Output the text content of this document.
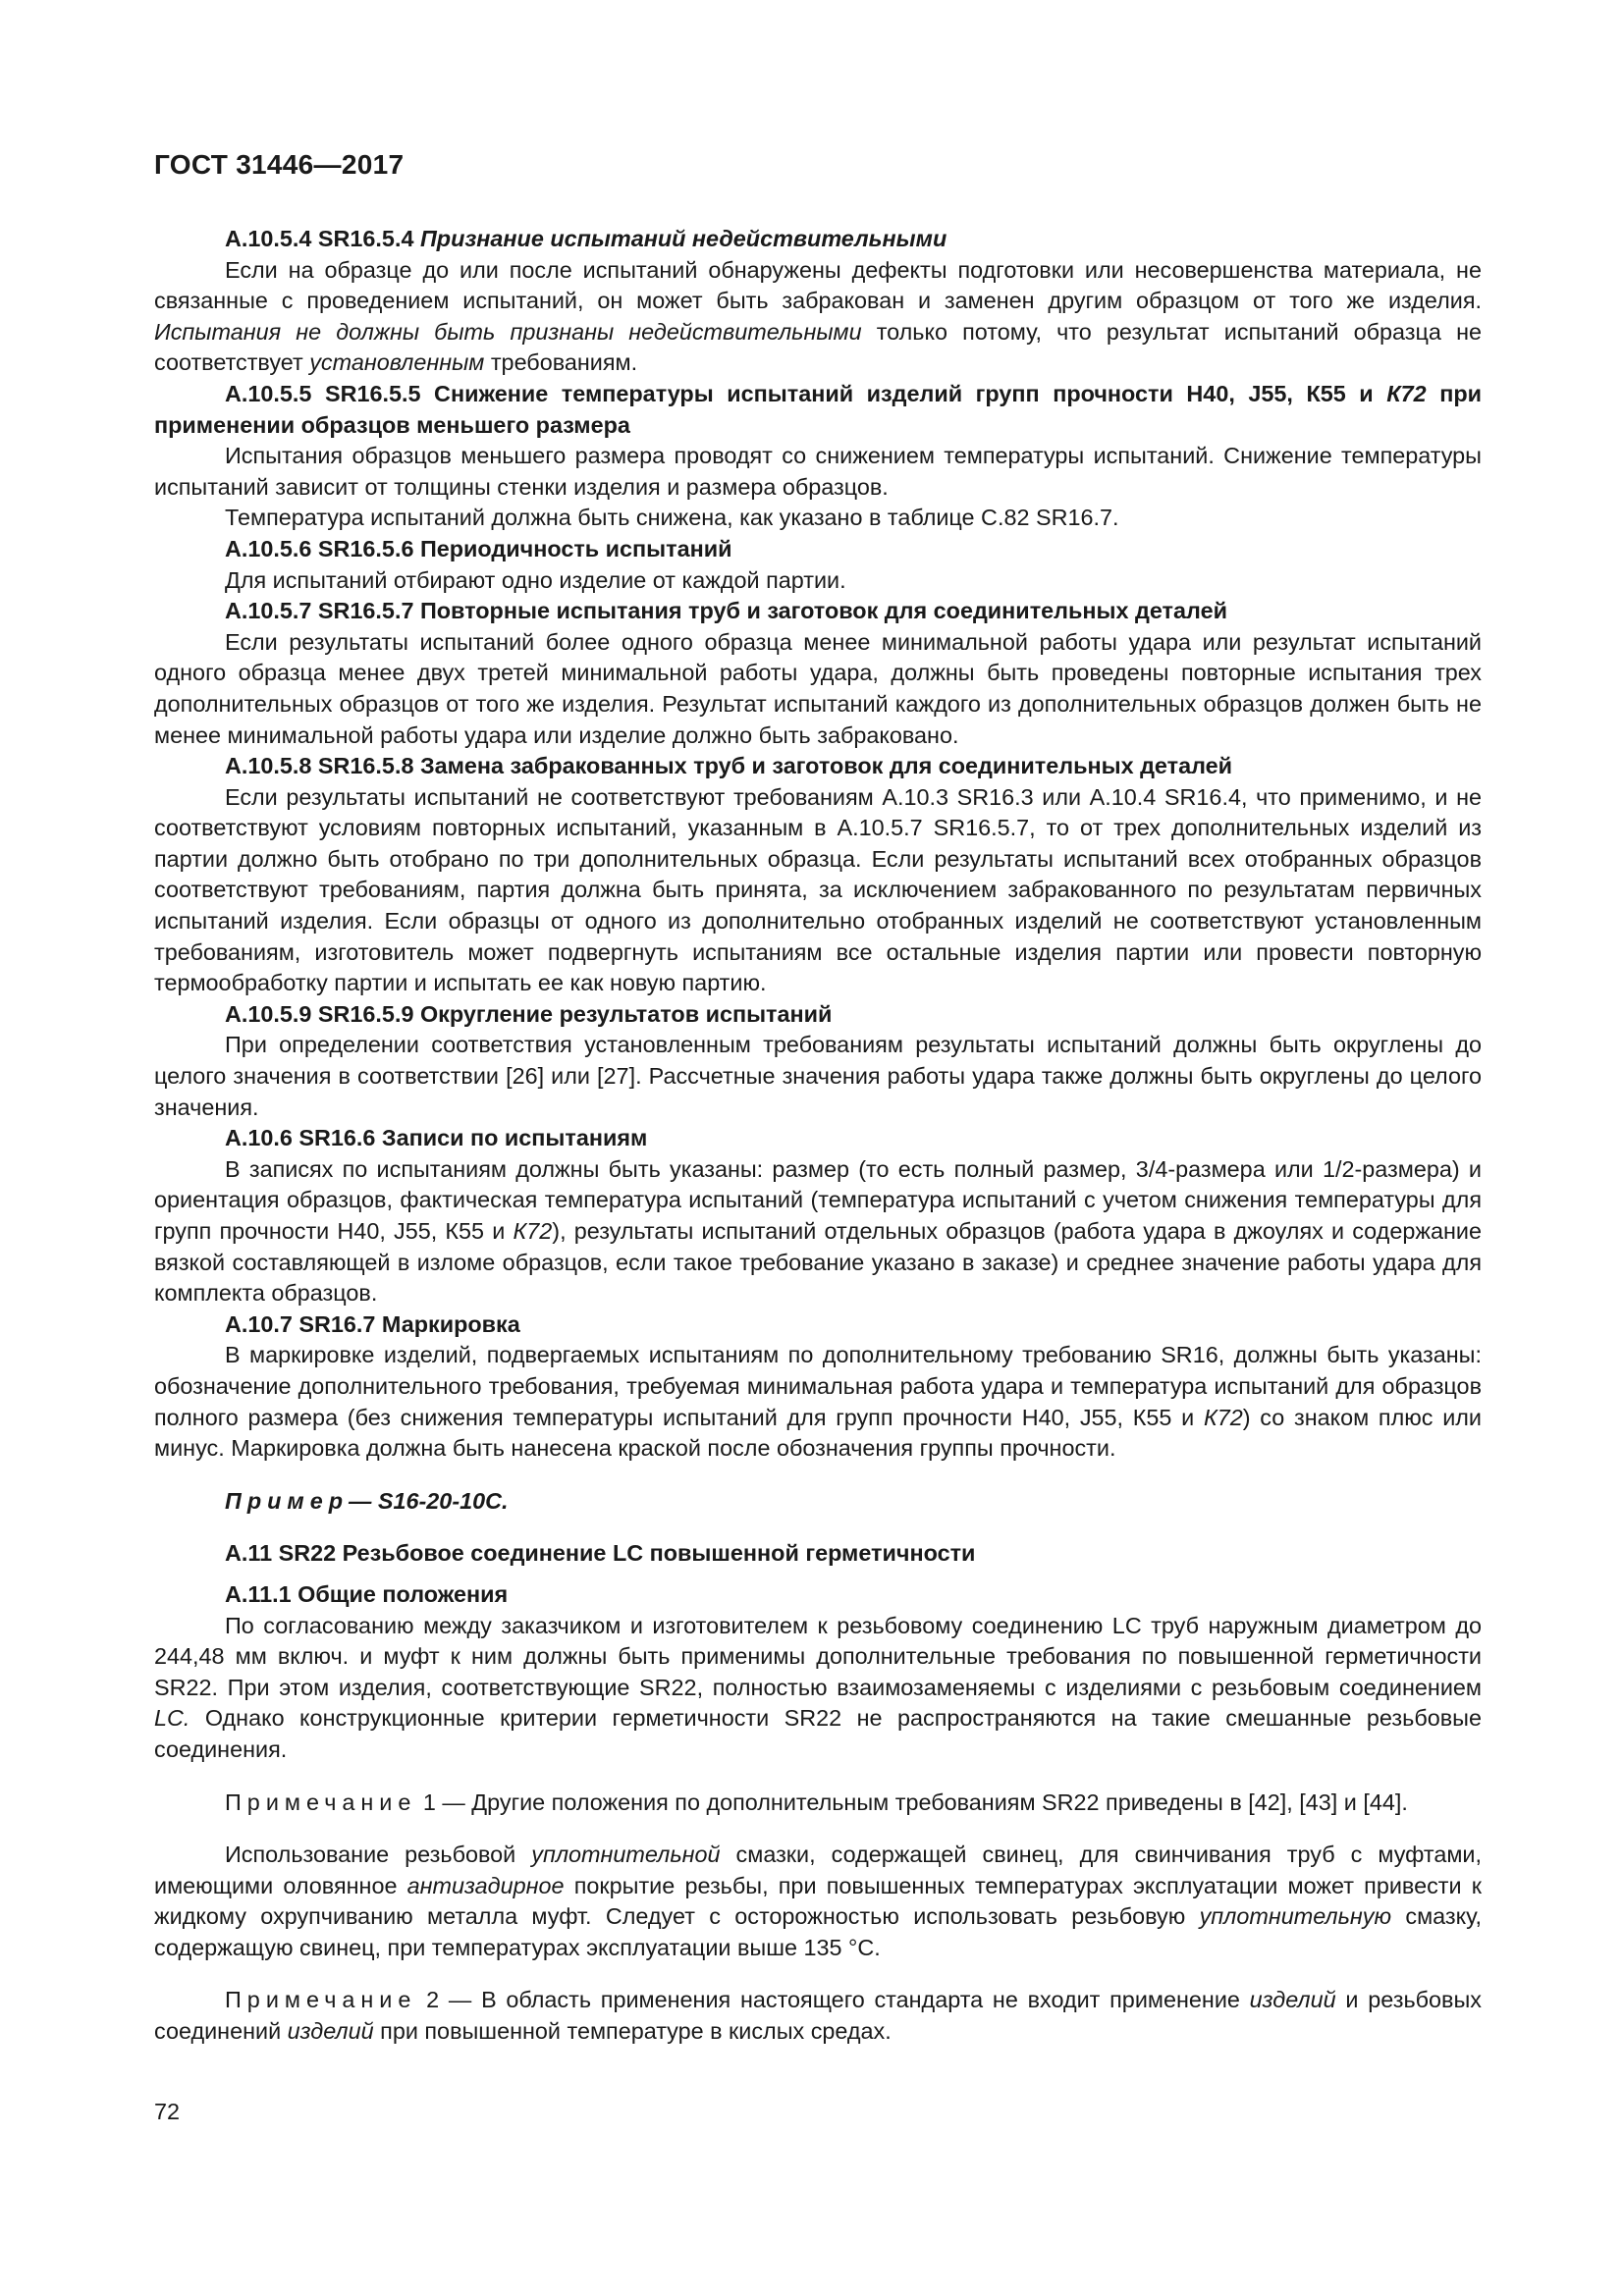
ГОСТ 31446—2017

А.10.5.4 SR16.5.4 Признание испытаний недействительными

Если на образце до или после испытаний обнаружены дефекты подготовки или несовершенства материала, не связанные с проведением испытаний, он может быть забракован и заменен другим образцом от того же изделия. Испытания не должны быть признаны недействительными только потому, что результат испытаний образца не соответствует установленным требованиям.

А.10.5.5 SR16.5.5 Снижение температуры испытаний изделий групп прочности Н40, J55, К55 и К72 при применении образцов меньшего размера

Испытания образцов меньшего размера проводят со снижением температуры испытаний. Снижение температуры испытаний зависит от толщины стенки изделия и размера образцов.

Температура испытаний должна быть снижена, как указано в таблице С.82 SR16.7.

А.10.5.6 SR16.5.6 Периодичность испытаний

Для испытаний отбирают одно изделие от каждой партии.

А.10.5.7 SR16.5.7 Повторные испытания труб и заготовок для соединительных деталей

Если результаты испытаний более одного образца менее минимальной работы удара или результат испытаний одного образца менее двух третей минимальной работы удара, должны быть проведены повторные испытания трех дополнительных образцов от того же изделия. Результат испытаний каждого из дополнительных образцов должен быть не менее минимальной работы удара или изделие должно быть забраковано.

А.10.5.8 SR16.5.8 Замена забракованных труб и заготовок для соединительных деталей

Если результаты испытаний не соответствуют требованиям А.10.3 SR16.3 или А.10.4 SR16.4, что применимо, и не соответствуют условиям повторных испытаний, указанным в А.10.5.7 SR16.5.7, то от трех дополнительных изделий из партии должно быть отобрано по три дополнительных образца. Если результаты испытаний всех отобранных образцов соответствуют требованиям, партия должна быть принята, за исключением забракованного по результатам первичных испытаний изделия. Если образцы от одного из дополнительно отобранных изделий не соответствуют установленным требованиям, изготовитель может подвергнуть испытаниям все остальные изделия партии или провести повторную термообработку партии и испытать ее как новую партию.

А.10.5.9 SR16.5.9 Округление результатов испытаний

При определении соответствия установленным требованиям результаты испытаний должны быть округлены до целого значения в соответствии [26] или [27]. Рассчетные значения работы удара также должны быть округлены до целого значения.

А.10.6 SR16.6 Записи по испытаниям

В записях по испытаниям должны быть указаны: размер (то есть полный размер, 3/4-размера или 1/2-размера) и ориентация образцов, фактическая температура испытаний (температура испытаний с учетом снижения температуры для групп прочности Н40, J55, К55 и К72), результаты испытаний отдельных образцов (работа удара в джоулях и содержание вязкой составляющей в изломе образцов, если такое требование указано в заказе) и среднее значение работы удара для комплекта образцов.

А.10.7 SR16.7 Маркировка

В маркировке изделий, подвергаемых испытаниям по дополнительному требованию SR16, должны быть указаны: обозначение дополнительного требования, требуемая минимальная работа удара и температура испытаний для образцов полного размера (без снижения температуры испытаний для групп прочности Н40, J55, К55 и К72) со знаком плюс или минус. Маркировка должна быть нанесена краской после обозначения группы прочности.

Пример— S16-20-10C.

А.11 SR22 Резьбовое соединение LC повышенной герметичности

А.11.1 Общие положения

По согласованию между заказчиком и изготовителем к резьбовому соединению LC труб наружным диаметром до 244,48 мм включ. и муфт к ним должны быть применимы дополнительные требования по повышенной герметичности SR22. При этом изделия, соответствующие SR22, полностью взаимозаменяемы с изделиями с резьбовым соединением LC. Однако конструкционные критерии герметичности SR22 не распространяются на такие смешанные резьбовые соединения.

Примечание 1 — Другие положения по дополнительным требованиям SR22 приведены в [42], [43] и [44].

Использование резьбовой уплотнительной смазки, содержащей свинец, для свинчивания труб с муфтами, имеющими оловянное антизадирное покрытие резьбы, при повышенных температурах эксплуатации может привести к жидкому охрупчиванию металла муфт. Следует с осторожностью использовать резьбовую уплотнительную смазку, содержащую свинец, при температурах эксплуатации выше 135 °С.

Примечание 2 — В область применения настоящего стандарта не входит применение изделий и резьбовых соединений изделий при повышенной температуре в кислых средах.

72
